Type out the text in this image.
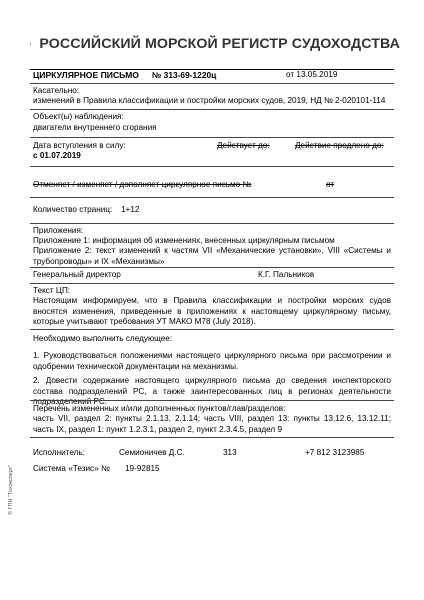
РОССИЙСКИЙ МОРСКОЙ РЕГИСТР СУДОХОДСТВА
ЦИРКУЛЯРНОЕ ПИСЬМО № 313-69-1220ц	от 13.05.2019
Касательно:
изменений в Правила классификации и постройки морских судов, 2019, НД № 2-020101-114
Объект(ы) наблюдения:
двигатели внутреннего сгорания
Дата вступления в силу:
с 01.07.2019
Действует до:	Действие продлено до:
Отменяет / изменяет / дополняет циркулярное письмо №	от
Количество страниц: 1+12
Приложения:
Приложение 1: информация об изменениях, внесенных циркулярным письмом
Приложение 2: текст изменений к частям VII «Механические установки», VIII «Системы и трубопроводы» и IX «Механизмы»
Генеральный директор	К.Г. Пальников
Текст ЦП:
Настоящим информируем, что в Правила классификации и постройки морских судов вносятся изменения, приведенные в приложениях к настоящему циркулярному письму, которые учитывают требования УТ МАКО М78 (July 2018).
Необходимо выполнить следующее:
1. Руководствоваться положениями настоящего циркулярного письма при рассмотрении и одобрении технической документации на механизмы.
2. Довести содержание настоящего циркулярного письма до сведения инспекторского состава подразделений РС, а также заинтересованных лиц в регионах деятельности подразделений РС.
Перечень измененных и/или дополненных пунктов/глав/разделов:
часть VII, раздел 2: пункты 2.1.13, 2.1.14; часть VIII, раздел 13: пункты 13.12.6, 13.12.11; часть IX, раздел 1: пункт 1.2.3.1, раздел 2, пункт 2.3.4.5, раздел 9
Исполнитель:	Семионичев Д.С.	313	+7 812 3123985
Система «Тезис» № 19-92815
© ГПН "Техэксперт"
